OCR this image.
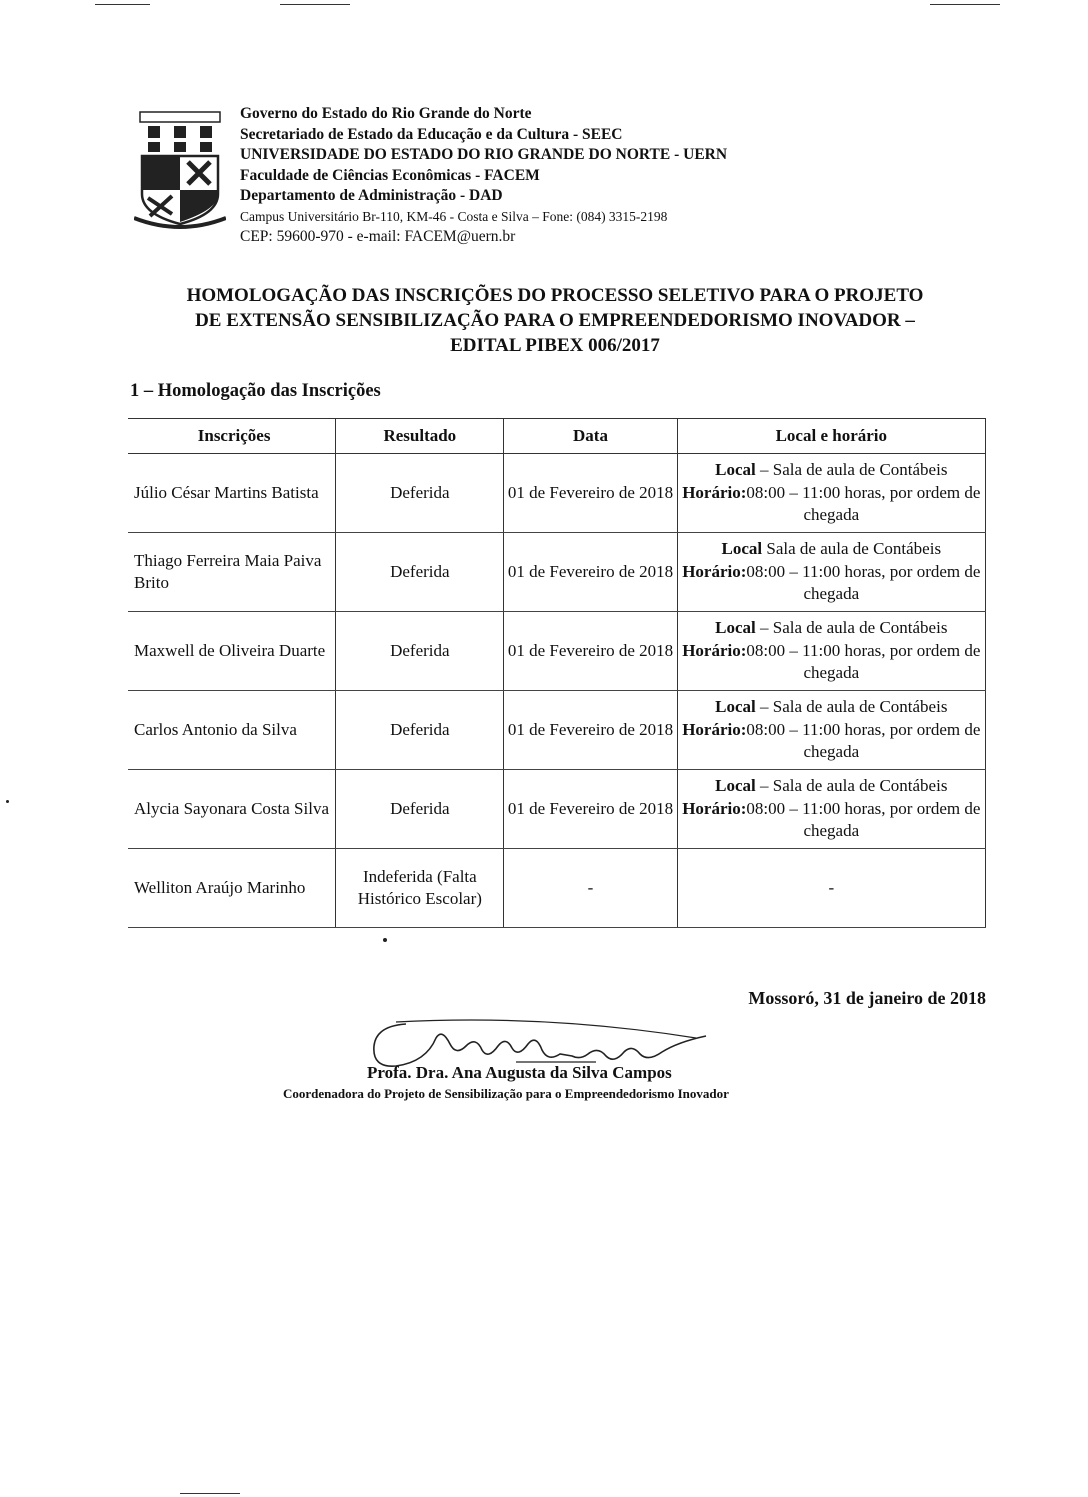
Governo do Estado do Rio Grande do Norte
Secretariado de Estado da Educação e da Cultura - SEEC
UNIVERSIDADE DO ESTADO DO RIO GRANDE DO NORTE - UERN
Faculdade de Ciências Econômicas - FACEM
Departamento de Administração - DAD
Campus Universitário Br-110, KM-46 - Costa e Silva – Fone: (084) 3315-2198
CEP: 59600-970 - e-mail: FACEM@uern.br
HOMOLOGAÇÃO DAS INSCRIÇÕES DO PROCESSO SELETIVO PARA O PROJETO
DE EXTENSÃO SENSIBILIZAÇÃO PARA O EMPREENDEDORISMO INOVADOR –
EDITAL PIBEX 006/2017
1 – Homologação das Inscrições
Inscrições	Resultado	Data	Local e horário
Júlio César Martins Batista	Deferida	01 de Fevereiro de 2018	Local – Sala de aula de Contábeis
Horário:08:00 – 11:00 horas, por ordem de chegada
Thiago Ferreira Maia Paiva Brito	Deferida	01 de Fevereiro de 2018	Local Sala de aula de Contábeis
Horário:08:00 – 11:00 horas, por ordem de chegada
Maxwell de Oliveira Duarte	Deferida	01 de Fevereiro de 2018	Local – Sala de aula de Contábeis
Horário:08:00 – 11:00 horas, por ordem de chegada
Carlos Antonio da Silva	Deferida	01 de Fevereiro de 2018	Local – Sala de aula de Contábeis
Horário:08:00 – 11:00 horas, por ordem de chegada
Alycia Sayonara Costa Silva	Deferida	01 de Fevereiro de 2018	Local – Sala de aula de Contábeis
Horário:08:00 – 11:00 horas, por ordem de chegada
Welliton Araújo Marinho	Indeferida (Falta Histórico Escolar)	-	-
Mossoró, 31 de janeiro de 2018
Profa. Dra. Ana Augusta da Silva Campos
Coordenadora do Projeto de Sensibilização para o Empreendedorismo Inovador
